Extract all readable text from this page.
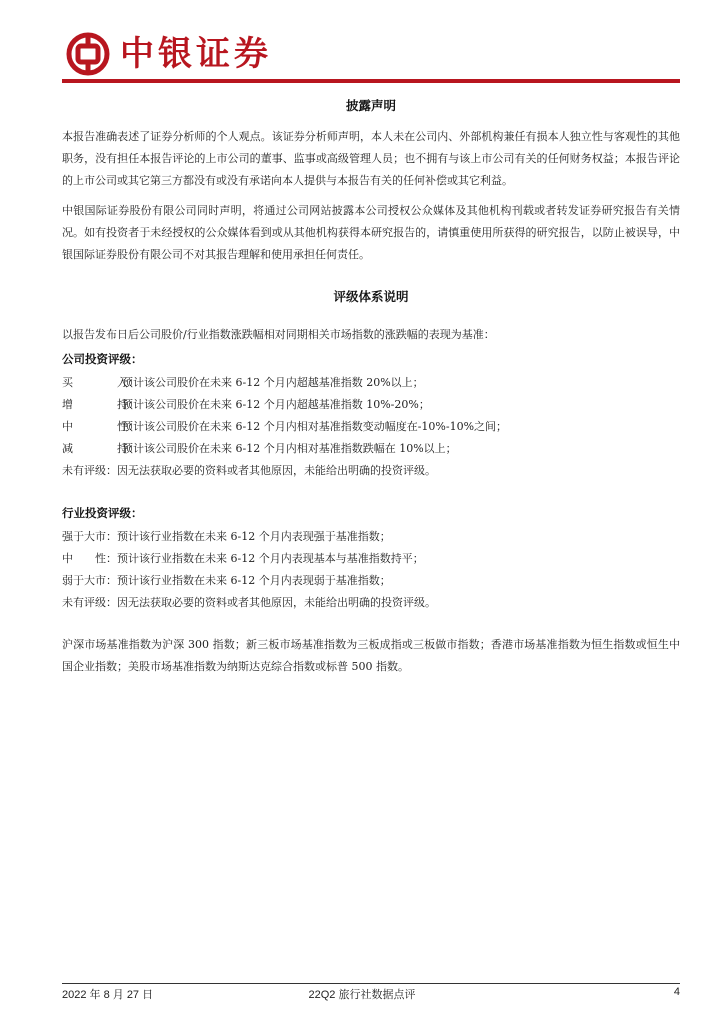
中银证券
披露声明
本报告准确表述了证券分析师的个人观点。该证券分析师声明，本人未在公司内、外部机构兼任有损本人独立性与客观性的其他职务，没有担任本报告评论的上市公司的董事、监事或高级管理人员；也不拥有与该上市公司有关的任何财务权益；本报告评论的上市公司或其它第三方都没有或没有承诺向本人提供与本报告有关的任何补偿或其它利益。
中银国际证券股份有限公司同时声明，将通过公司网站披露本公司授权公众媒体及其他机构刊载或者转发证券研究报告有关情况。如有投资者于未经授权的公众媒体看到或从其他机构获得本研究报告的，请慎重使用所获得的研究报告，以防止被误导，中银国际证券股份有限公司不对其报告理解和使用承担任何责任。
评级体系说明
以报告发布日后公司股价/行业指数涨跌幅相对同期相关市场指数的涨跌幅的表现为基准：
公司投资评级：
买　　　　入：预计该公司股价在未来 6-12 个月内超越基准指数 20%以上；
增　　　　持：预计该公司股价在未来 6-12 个月内超越基准指数 10%-20%；
中　　　　性：预计该公司股价在未来 6-12 个月内相对基准指数变动幅度在-10%-10%之间；
减　　　　持：预计该公司股价在未来 6-12 个月内相对基准指数跌幅在 10%以上；
未有评级：因无法获取必要的资料或者其他原因，未能给出明确的投资评级。
行业投资评级：
强于大市：预计该行业指数在未来 6-12 个月内表现强于基准指数；
中　　性：预计该行业指数在未来 6-12 个月内表现基本与基准指数持平；
弱于大市：预计该行业指数在未来 6-12 个月内表现弱于基准指数；
未有评级：因无法获取必要的资料或者其他原因，未能给出明确的投资评级。
沪深市场基准指数为沪深 300 指数；新三板市场基准指数为三板成指或三板做市指数；香港市场基准指数为恒生指数或恒生中国企业指数；美股市场基准指数为纳斯达克综合指数或标普 500 指数。
2022 年 8 月 27 日	22Q2 旅行社数据点评	4
